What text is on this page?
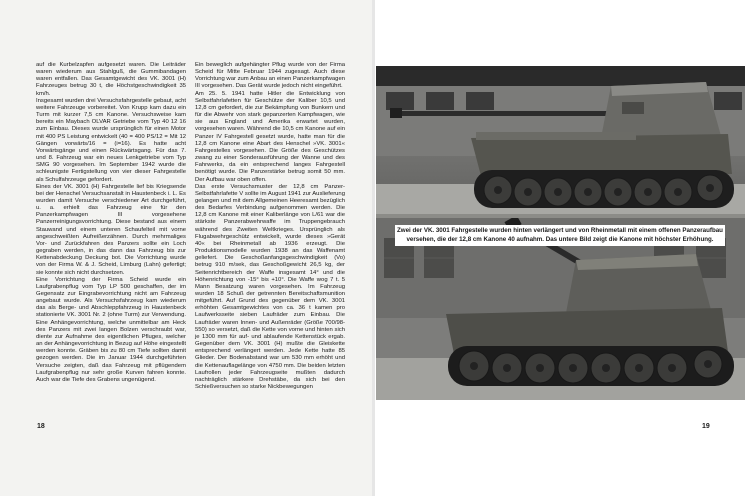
auf die Kurbelzapfen aufgesetzt waren. Die Leiträder waren wiederum aus Stahlguß, die Gummibandagen waren entfallen. Das Gesamtgewicht des VK. 3001 (H) Fahrzeuges betrug 30 t, die Höchstgeschwindigkeit 35 km/h.

Insgesamt wurden drei Versuchsfahrgestelle gebaut, acht weitere Fahrzeuge vorbereitet. Von Krupp kam dazu ein Turm mit kurzer 7,5 cm Kanone. Versuchsweise kam bereits ein Maybach OLVAR Getriebe vom Typ 40 12 16 zum Einbau. Dieses wurde ursprünglich für einen Motor mit 400 PS Leistung entwickelt (40 = 400 PS/12 = Mit 12 Gängen vorwärts/16 = (i=16). Es hatte acht Vorwärtsgänge und einen Rückwärtsgang. Für das 7. und 8. Fahrzeug war ein neues Lenkgetriebe vom Typ SMG 90 vorgesehen. Im September 1942 wurde die schleunigste Fertigstellung von vier dieser Fahrgestelle als Schulfahrzeuge gefordert.

Eines der VK. 3001 (H) Fahrgestelle lief bis Kriegsende bei der Henschel Versuchsanstalt in Haustenbeck i. L. Es wurden damit Versuche verschiedener Art durchgeführt, u. a. erhielt das Fahrzeug eine für den Panzerkampfwagen III vorgesehene Panzerreinigungsvorrichtung. Diese bestand aus einem Stauwand und einem unteren Schaufelteil mit vorne angeschweißten Aufreißerzähnen. Durch mehrmaliges Vor- und Zurückfahren des Panzers sollte ein Loch gegraben werden, in das dann das Fahrzeug bis zur Kettenabdeckung Deckung bot. Die Vorrichtung wurde von der Firma W. & J. Scheid, Limburg (Lahn) gefertigt; sie konnte sich nicht durchsetzen.

Eine Vorrichtung der Firma Scheid wurde ein Laufgrabenpflug vom Typ LP 500 geschaffen, der im Gegensatz zur Eingrabevorrichtung nicht am Fahrzeug angebaut wurde. Als Versuchsfahrzeug kam wiederum das als Berge- und Abschleppfahrzeug in Haustenbeck stationierte VK. 3001 Nr. 2 (ohne Turm) zur Verwendung. Eine Anhängevorrichtung, welche unmittelbar am Heck des Panzers mit zwei langen Bolzen verschraubt war, diente zur Aufnahme des eigentlichen Pfluges, welcher an der Anhängevorrichtung in Bezug auf Höhe eingestellt werden konnte. Gräben bis zu 80 cm Tiefe sollten damit gezogen werden. Die im Januar 1944 durchgeführten Versuche zeigten, daß das Fahrzeug mit pflügendem Laufgrabenpflug nur sehr große Kurven fahren konnte. Auch war die Tiefe des Grabens ungenügend.

Ein beweglich aufgehängter Pflug wurde von der Firma Scheid für Mitte Februar 1944 zugesagt. Auch diese Vorrichtung war zum Anbau an einen Panzerkampfwagen III vorgesehen. Das Gerät wurde jedoch nicht eingeführt.

Am 25. 5. 1941 hatte Hitler die Entwicklung von Selbstfahrlafetten für Geschütze der Kaliber 10,5 und 12,8 cm gefordert, die zur Bekämpfung von Bunkern und für die Abwehr von stark gepanzerten Kampfwagen, wie sie aus England und Amerika erwartet wurden, vorgesehen waren. Während die 10,5 cm Kanone auf ein Panzer IV Fahrgestell gesetzt wurde, hatte man für die 12,8 cm Kanone eine Abart des Henschel »VK. 3001« Fahrgestelles vorgesehen. Die Größe des Geschützes zwang zu einer Sonderausführung der Wanne und des Fahrwerks, da ein entsprechend langes Fahrgestell benötigt wurde. Die Panzerstärke betrug somit 50 mm. Der Aufbau war oben offen.

Das erste Versuchsmuster der 12,8 cm Panzer-Selbstfahrlafette V sollte im August 1941 zur Auslieferung gelangen und mit dem Allgemeinen Heeresamt bezüglich des Bedarfes Verbindung aufgenommen werden. Die 12,8 cm Kanone mit einer Kaliberlänge von L/61 war die stärkste Panzerabwehrwaffe im Truppengebrauch während des Zweiten Weltkrieges. Ursprünglich als Flugabwehrgeschütz entwickelt, wurde dieses »Gerät 40« bei Rheinmetall ab 1936 erzeugt. Die Produktionsmodelle wurden 1938 an das Waffenamt geliefert. Die Geschoßanfangsgeschwindigkeit (Vo) betrug 910 m/sek, das Geschoßgewicht 26,5 kg, der Seitenrichtbereich der Waffe insgesamt 14° und die Höhenrichtung von -15° bis +10°. Die Waffe wog 7 t. 5 Mann Besatzung waren vorgesehen. Im Fahrzeug wurden 18 Schuß der getrennten Bereitschaftsmunition mitgeführt. Auf Grund des gegenüber dem VK. 3001 erhöhten Gesamtgewichtes von ca. 36 t kamen pro Laufwerksseite sieben Laufräder zum Einbau. Die Laufräder waren Innen- und Außenräder (Größe 700/98-550) so versetzt, daß die Kette von vorne und hinten sich je 1300 mm für auf- und ablaufende Kettenstück ergab. Gegenüber dem VK. 3001 (H) mußte die Gleiskette entsprechend verlängert werden. Jede Kette hatte 85 Glieder. Der Bodenabstand war um 530 mm erhöht und die Kettenauflagelänge von 4750 mm. Die beiden letzten Laufrollen jeder Fahrzeugseite mußten dadurch nachträglich stärkere Drehstäbe, da sich bei den Schießversuchen so starke Nickbewegungen

18
Zwei der VK. 3001 Fahrgestelle wurden hinten verlängert und von Rheinmetall mit einem offenen Panzeraufbau versehen, die der 12,8 cm Kanone 40 aufnahm. Das untere Bild zeigt die Kanone mit höchster Erhöhung.
19
